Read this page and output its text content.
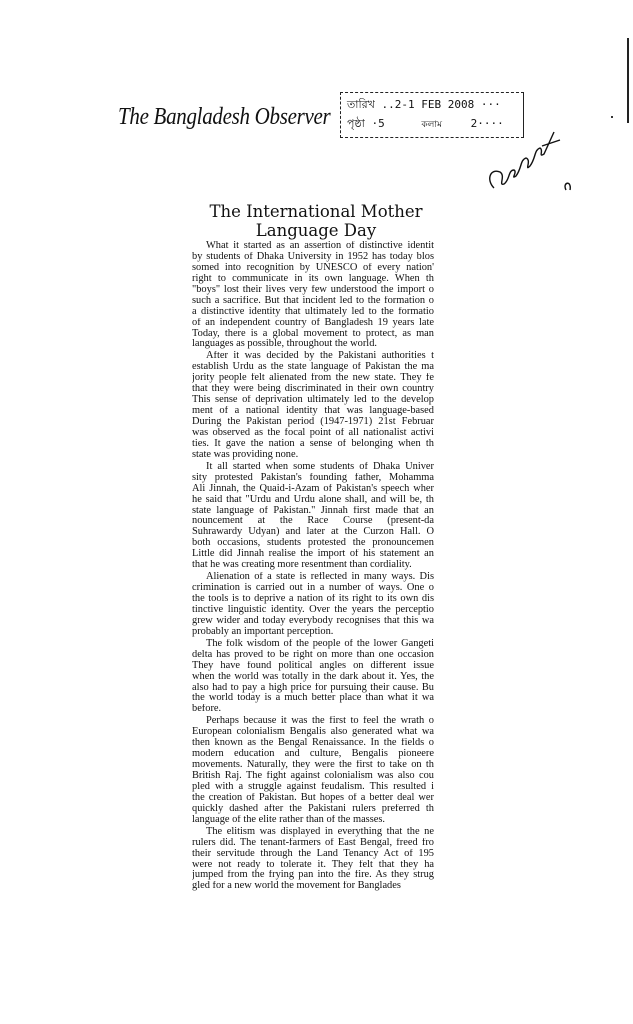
The Bangladesh Observer তারিখ ..2-1 FEB 2008 ···
পৃষ্ঠা ·5	কলাম	2····
The International Mother
Language Day
What it started as an assertion of distinctive identit
by students of Dhaka University in 1952 has today blos
somed into recognition by UNESCO of every nation'
right to communicate in its own language. When th
"boys" lost their lives very few understood the import o
such a sacrifice. But that incident led to the formation o
a distinctive identity that ultimately led to the formatio
of an independent country of Bangladesh 19 years late
Today, there is a global movement to protect, as man
languages as possible, throughout the world.
After it was decided by the Pakistani authorities t
establish Urdu as the state language of Pakistan the ma
jority people felt alienated from the new state. They fe
that they were being discriminated in their own country
This sense of deprivation ultimately led to the develop
ment of a national identity that was language-based
During the Pakistan period (1947-1971) 21st Februar
was observed as the focal point of all nationalist activi
ties. It gave the nation a sense of belonging when th
state was providing none.
It all started when some students of Dhaka Univer
sity protested Pakistan's founding father, Mohamma
Ali Jinnah, the Quaid-i-Azam of Pakistan's speech wher
he said that "Urdu and Urdu alone shall, and will be, th
state language of Pakistan." Jinnah first made that an
nouncement at the Race Course (present-da
Suhrawardy Udyan) and later at the Curzon Hall. O
both occasions, students protested the pronouncemen
Little did Jinnah realise the import of his statement an
that he was creating more resentment than cordiality.
Alienation of a state is reflected in many ways. Dis
crimination is carried out in a number of ways. One o
the tools is to deprive a nation of its right to its own dis
tinctive linguistic identity. Over the years the perceptio
grew wider and today everybody recognises that this wa
probably an important perception.
The folk wisdom of the people of the lower Gangeti
delta has proved to be right on more than one occasion
They have found political angles on different issue
when the world was totally in the dark about it. Yes, the
also had to pay a high price for pursuing their cause. Bu
the world today is a much better place than what it wa
before.
Perhaps because it was the first to feel the wrath o
European colonialism Bengalis also generated what wa
then known as the Bengal Renaissance. In the fields o
modern education and culture, Bengalis pioneere
movements. Naturally, they were the first to take on th
British Raj. The fight against colonialism was also cou
pled with a struggle against feudalism. This resulted i
the creation of Pakistan. But hopes of a better deal wer
quickly dashed after the Pakistani rulers preferred th
language of the elite rather than of the masses.
The elitism was displayed in everything that the ne
rulers did. The tenant-farmers of East Bengal, freed fro
their servitude through the Land Tenancy Act of 195
were not ready to tolerate it. They felt that they ha
jumped from the frying pan into the fire. As they strug
gled for a new world the movement for Banglades
